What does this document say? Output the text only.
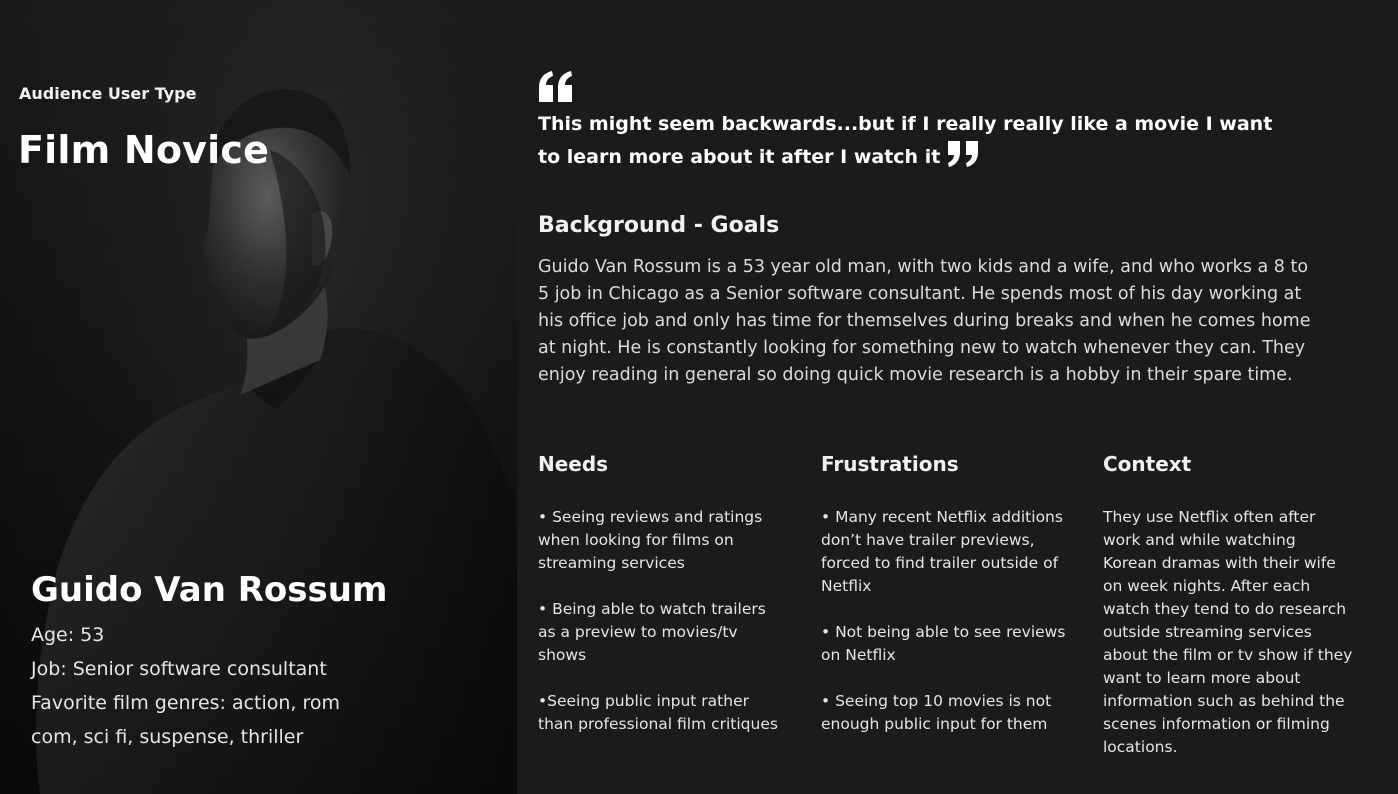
Audience User Type
Film Novice
Guido Van Rossum
Age: 53
Job: Senior software consultant
Favorite film genres: action, rom com, sci fi, suspense, thriller
This might seem backwards...but if I really really like a movie I want to learn more about it after I watch it
Background - Goals
Guido Van Rossum is a 53 year old man, with two kids and a wife, and who works a 8 to 5 job in Chicago as a Senior software consultant. He spends most of his day working at his office job and only has time for themselves during breaks and when he comes home at night. He is constantly looking for something new to watch whenever they can. They enjoy reading in general so doing quick movie research is a hobby in their spare time.
Needs
• Seeing reviews and ratings when looking for films on streaming services
• Being able to watch trailers as a preview to movies/tv shows
•Seeing public input rather than professional film critiques
Frustrations
• Many recent Netflix additions don’t have trailer previews, forced to find trailer outside of Netflix
• Not being able to see reviews on Netflix
• Seeing top 10 movies is not enough public input for them
Context
They use Netflix often after work and while watching Korean dramas with their wife on week nights. After each watch they tend to do research outside streaming services about the film or tv show if they want to learn more about information such as behind the scenes information or filming locations.
